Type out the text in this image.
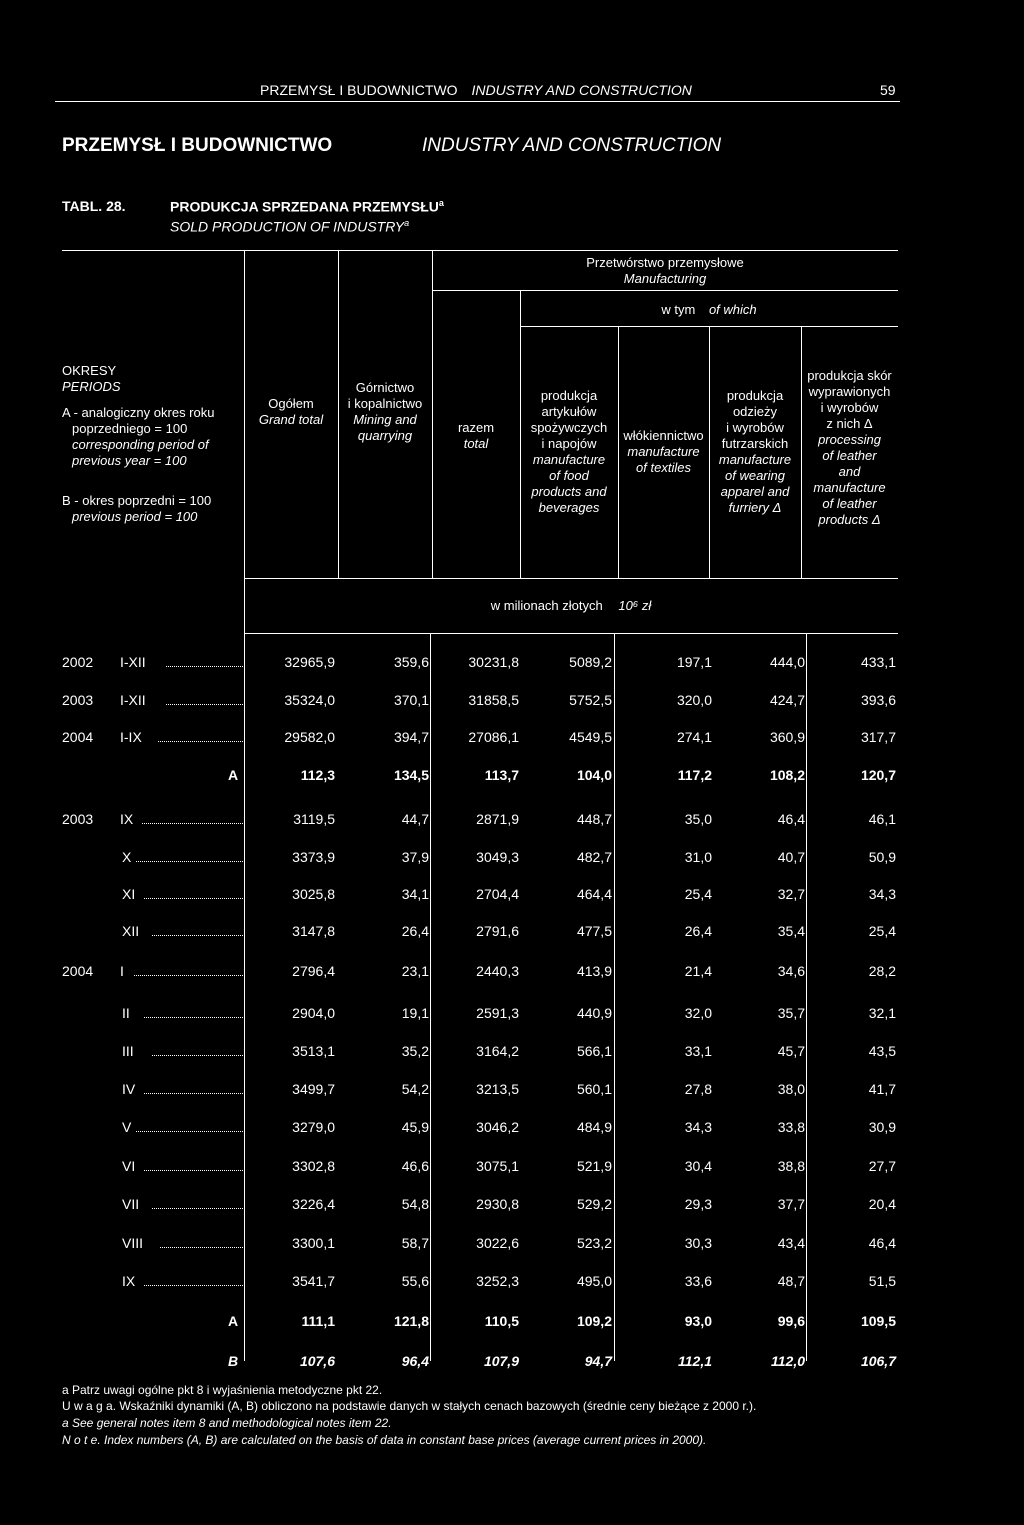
PRZEMYSŁ I BUDOWNICTWO INDUSTRY AND CONSTRUCTION	59
PRZEMYSŁ I BUDOWNICTWO	INDUSTRY AND CONSTRUCTION
TABL. 28.	PRODUKCJA SPRZEDANA PRZEMYSŁU$^a$
SOLD PRODUCTION OF INDUSTRY$^a$
Przetwórstwo przemysłowe
Manufacturing
w tym of which
OKRESY
PERIODS
A - analogiczny okres roku
poprzedniego = 100
corresponding period of
previous year = 100
B - okres poprzedni = 100
previous period = 100
Ogółem
Grand total
Górnictwo
i kopalnictwo
Mining and
quarrying
razem
total
produkcja
artykułów
spożywczych
i napojów
manufacture
of food
products and
beverages
włókiennictwo
manufacture
of textiles
produkcja
odzieży
i wyrobów
futrzarskich
manufacture
of wearing
apparel and
furriery Δ
produkcja skór
wyprawionych
i wyrobów
z nich Δ
processing
of leather
and
manufacture
of leather
products Δ
w milionach złotych 10⁶ zł
2002 I-XII	32965,9	359,6	30231,8	5089,2	197,1	444,0	433,1
2003 I-XII	35324,0	370,1	31858,5	5752,5	320,0	424,7	393,6
2004 I-IX	29582,0	394,7	27086,1	4549,5	274,1	360,9	317,7
A	112,3	134,5	113,7	104,0	117,2	108,2	120,7
2003 IX	3119,5	44,7	2871,9	448,7	35,0	46,4	46,1
X	3373,9	37,9	3049,3	482,7	31,0	40,7	50,9
XI	3025,8	34,1	2704,4	464,4	25,4	32,7	34,3
XII	3147,8	26,4	2791,6	477,5	26,4	35,4	25,4
2004 I	2796,4	23,1	2440,3	413,9	21,4	34,6	28,2
II	2904,0	19,1	2591,3	440,9	32,0	35,7	32,1
III	3513,1	35,2	3164,2	566,1	33,1	45,7	43,5
IV	3499,7	54,2	3213,5	560,1	27,8	38,0	41,7
V	3279,0	45,9	3046,2	484,9	34,3	33,8	30,9
VI	3302,8	46,6	3075,1	521,9	30,4	38,8	27,7
VII	3226,4	54,8	2930,8	529,2	29,3	37,7	20,4
VIII	3300,1	58,7	3022,6	523,2	30,3	43,4	46,4
IX	3541,7	55,6	3252,3	495,0	33,6	48,7	51,5
A	111,1	121,8	110,5	109,2	93,0	99,6	109,5
B	107,6	96,4	107,9	94,7	112,1	112,0	106,7
a Patrz uwagi ogólne pkt 8 i wyjaśnienia metodyczne pkt 22.
U w a g a. Wskaźniki dynamiki (A, B) obliczono na podstawie danych w stałych cenach bazowych (średnie ceny bieżące z 2000 r.).
a See general notes item 8 and methodological notes item 22.
N o t e. Index numbers (A, B) are calculated on the basis of data in constant base prices (average current prices in 2000).
